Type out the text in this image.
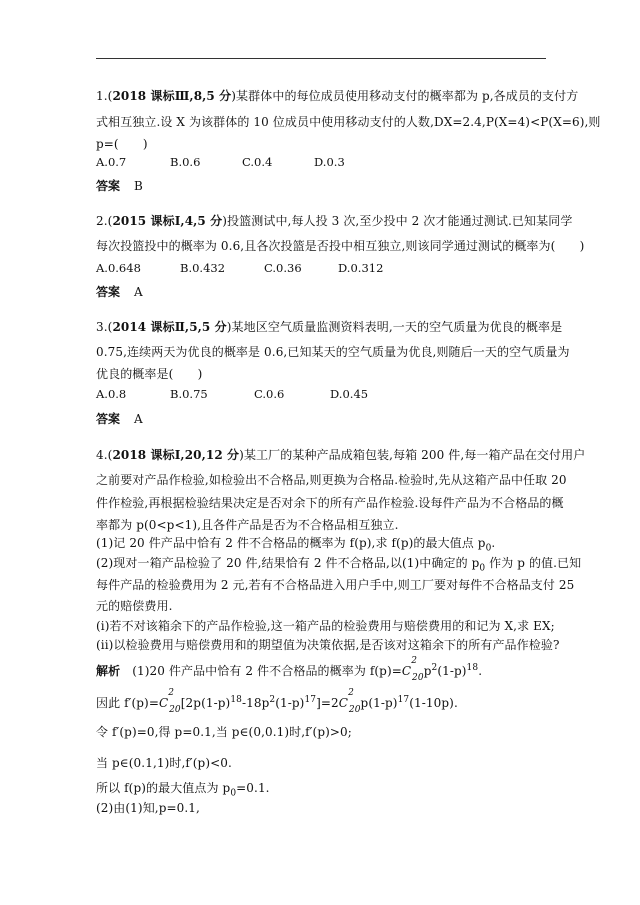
1.(2018 课标Ⅲ,8,5 分)某群体中的每位成员使用移动支付的概率都为 p,各成员的支付方
式相互独立.设 X 为该群体的 10 位成员中使用移动支付的人数,DX=2.4,P(X=4)<P(X=6),则
p=(　　)
A.0.7	B.0.6	C.0.4	D.0.3
答案 B
2.(2015 课标Ⅰ,4,5 分)投篮测试中,每人投 3 次,至少投中 2 次才能通过测试.已知某同学
每次投篮投中的概率为 0.6,且各次投篮是否投中相互独立,则该同学通过测试的概率为(　　)
A.0.648	B.0.432	C.0.36	D.0.312
答案 A
3.(2014 课标Ⅱ,5,5 分)某地区空气质量监测资料表明,一天的空气质量为优良的概率是
0.75,连续两天为优良的概率是 0.6,已知某天的空气质量为优良,则随后一天的空气质量为
优良的概率是(　　)
A.0.8	B.0.75	C.0.6	D.0.45
答案 A
4.(2018 课标Ⅰ,20,12 分)某工厂的某种产品成箱包装,每箱 200 件,每一箱产品在交付用户
之前要对产品作检验,如检验出不合格品,则更换为合格品.检验时,先从这箱产品中任取 20
件作检验,再根据检验结果决定是否对余下的所有产品作检验.设每件产品为不合格品的概
率都为 p(0<p<1),且各件产品是否为不合格品相互独立.
(1)记 20 件产品中恰有 2 件不合格品的概率为 f(p),求 f(p)的最大值点 $p_0$.
(2)现对一箱产品检验了 20 件,结果恰有 2 件不合格品,以(1)中确定的 $p_0$ 作为 p 的值.已知
每件产品的检验费用为 2 元,若有不合格品进入用户手中,则工厂要对每件不合格品支付 25
元的赔偿费用.
(i)若不对该箱余下的产品作检验,这一箱产品的检验费用与赔偿费用的和记为 X,求 EX;
(ii)以检验费用与赔偿费用和的期望值为决策依据,是否该对这箱余下的所有产品作检验?
解析 (1)20 件产品中恰有 2 件不合格品的概率为 $f(p)=C^2_{20}p^2(1-p)^{18}$.
因此 $f'(p)=C^2_{20}[2p(1-p)^{18}-18p^2(1-p)^{17}]=2C^2_{20}p(1-p)^{17}(1-10p)$.
令 f′(p)=0,得 p=0.1,当 p∈(0,0.1)时,f′(p)>0;
当 p∈(0.1,1)时,f′(p)<0.
所以 f(p)的最大值点为 $p_0=0.1$.
(2)由(1)知,p=0.1,
